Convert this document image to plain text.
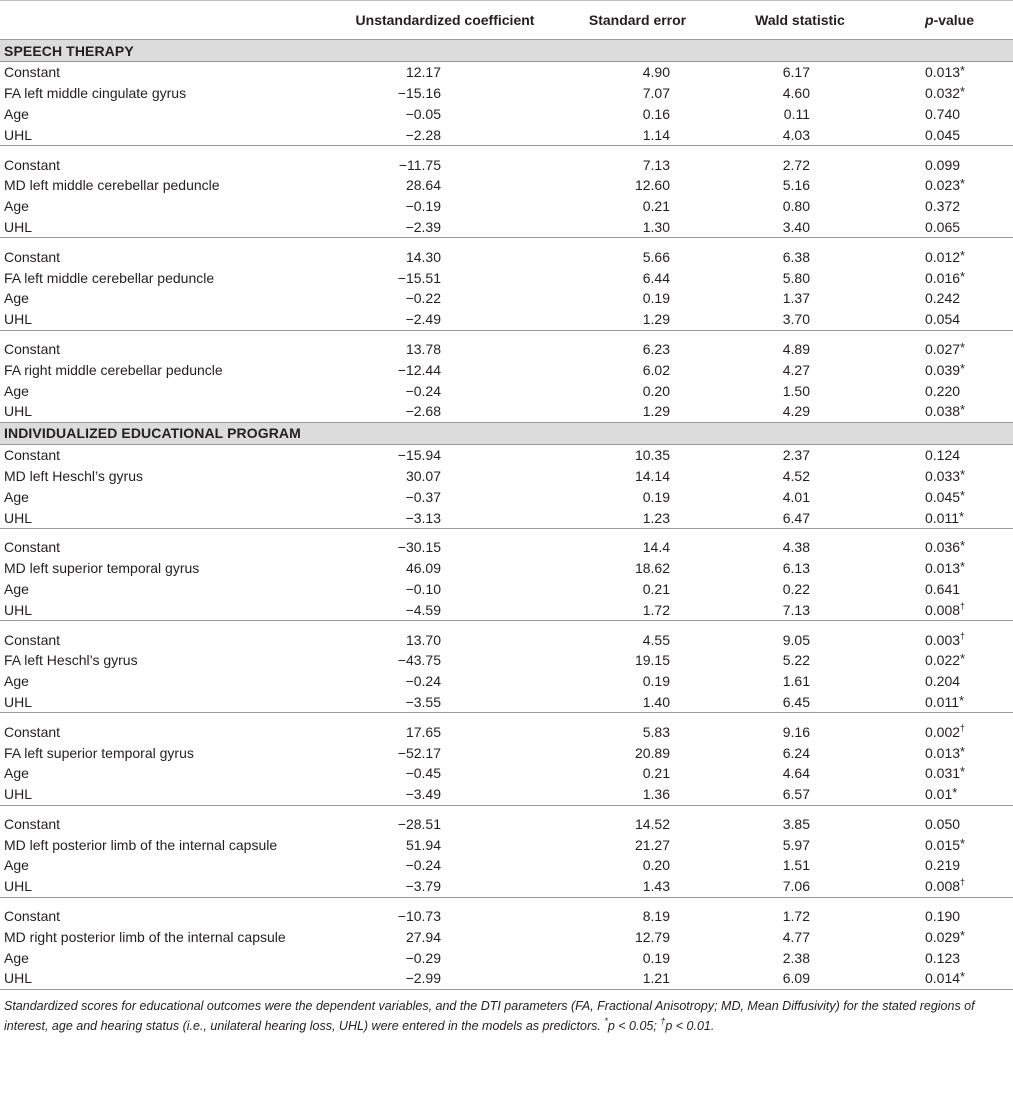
	Unstandardized coefficient	Standard error	Wald statistic	p-value
SPEECH THERAPY				
Constant	12.17	4.90	6.17	0.013*
FA left middle cingulate gyrus	−15.16	7.07	4.60	0.032*
Age	−0.05	0.16	0.11	0.740
UHL	−2.28	1.14	4.03	0.045

Constant	−11.75	7.13	2.72	0.099
MD left middle cerebellar peduncle	28.64	12.60	5.16	0.023*
Age	−0.19	0.21	0.80	0.372
UHL	−2.39	1.30	3.40	0.065

Constant	14.30	5.66	6.38	0.012*
FA left middle cerebellar peduncle	−15.51	6.44	5.80	0.016*
Age	−0.22	0.19	1.37	0.242
UHL	−2.49	1.29	3.70	0.054

Constant	13.78	6.23	4.89	0.027*
FA right middle cerebellar peduncle	−12.44	6.02	4.27	0.039*
Age	−0.24	0.20	1.50	0.220
UHL	−2.68	1.29	4.29	0.038*
INDIVIDUALIZED EDUCATIONAL PROGRAM				
Constant	−15.94	10.35	2.37	0.124
MD left Heschl’s gyrus	30.07	14.14	4.52	0.033*
Age	−0.37	0.19	4.01	0.045*
UHL	−3.13	1.23	6.47	0.011*

Constant	−30.15	14.4	4.38	0.036*
MD left superior temporal gyrus	46.09	18.62	6.13	0.013*
Age	−0.10	0.21	0.22	0.641
UHL	−4.59	1.72	7.13	0.008†

Constant	13.70	4.55	9.05	0.003†
FA left Heschl’s gyrus	−43.75	19.15	5.22	0.022*
Age	−0.24	0.19	1.61	0.204
UHL	−3.55	1.40	6.45	0.011*

Constant	17.65	5.83	9.16	0.002†
FA left superior temporal gyrus	−52.17	20.89	6.24	0.013*
Age	−0.45	0.21	4.64	0.031*
UHL	−3.49	1.36	6.57	0.01*

Constant	−28.51	14.52	3.85	0.050
MD left posterior limb of the internal capsule	51.94	21.27	5.97	0.015*
Age	−0.24	0.20	1.51	0.219
UHL	−3.79	1.43	7.06	0.008†

Constant	−10.73	8.19	1.72	0.190
MD right posterior limb of the internal capsule	27.94	12.79	4.77	0.029*
Age	−0.29	0.19	2.38	0.123
UHL	−2.99	1.21	6.09	0.014*

Standardized scores for educational outcomes were the dependent variables, and the DTI parameters (FA, Fractional Anisotropy; MD, Mean Diffusivity) for the stated regions of interest, age and hearing status (i.e., unilateral hearing loss, UHL) were entered in the models as predictors. *p < 0.05; †p < 0.01.
